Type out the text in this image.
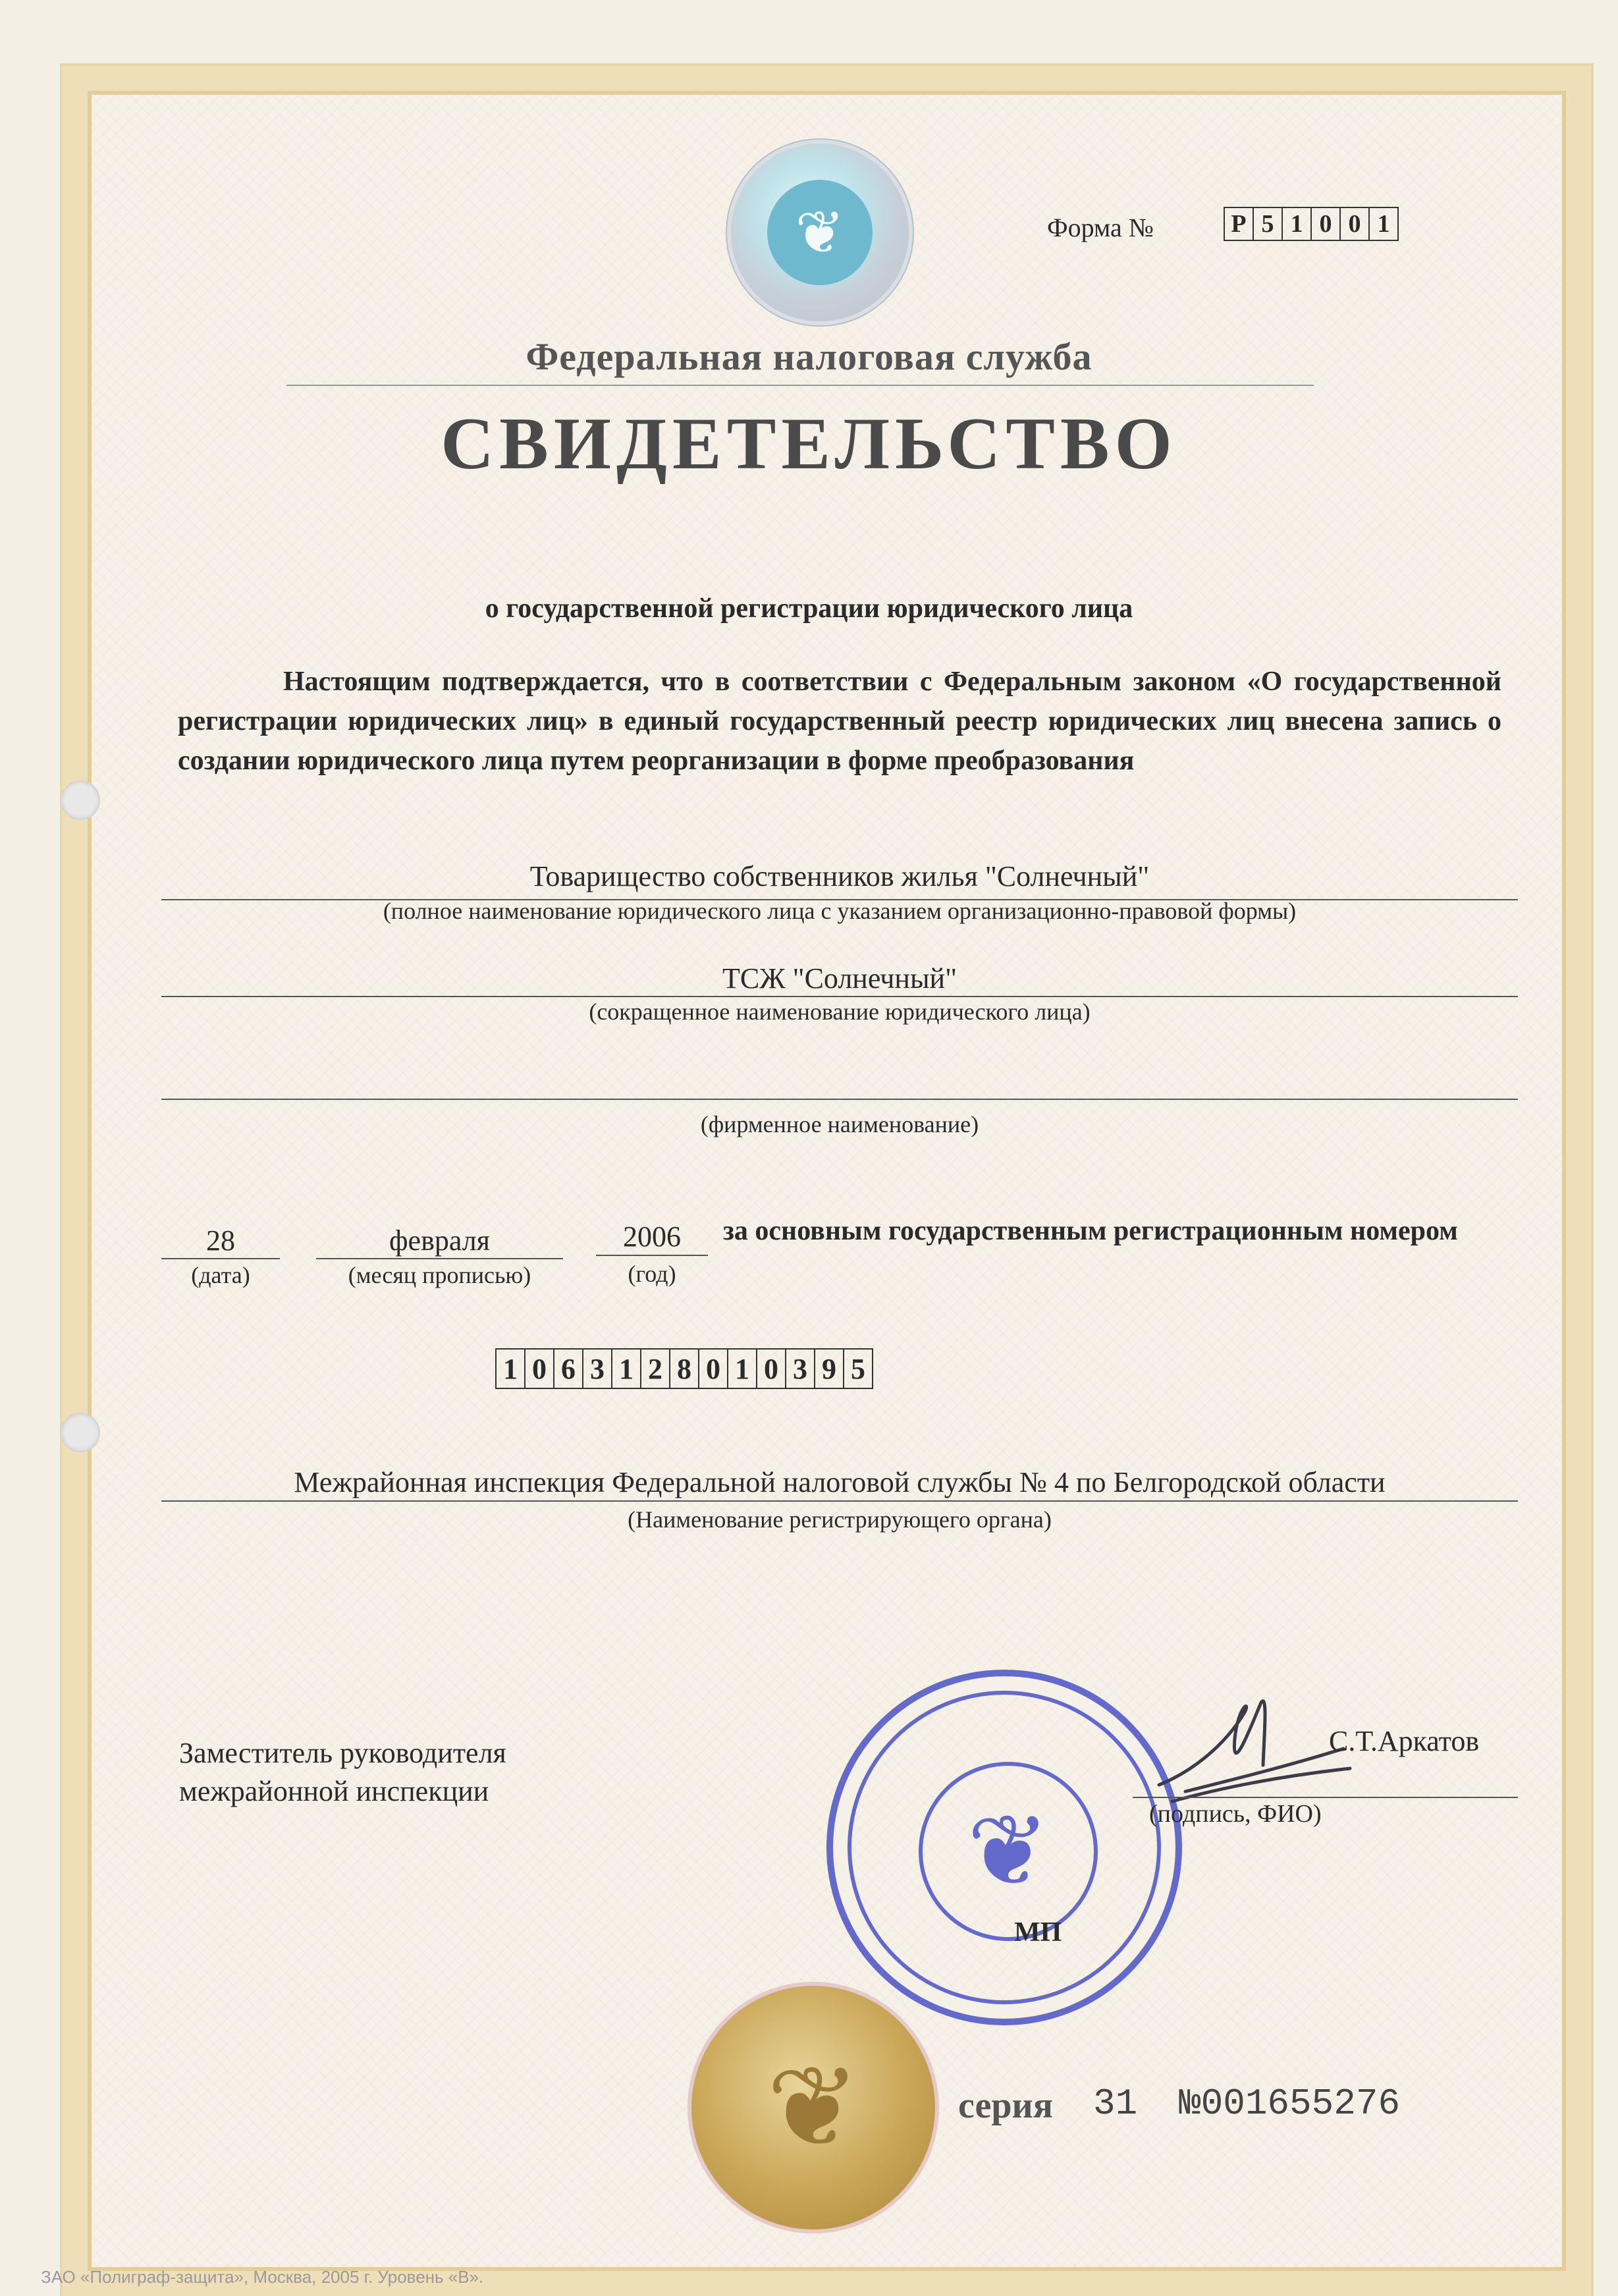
❦	Форма №	Р 5 1 0 0 1
Федеральная налоговая служба
СВИДЕТЕЛЬСТВО
о государственной регистрации юридического лица
Настоящим подтверждается, что в соответствии с Федеральным законом «О государственной регистрации юридических лиц» в единый государственный реестр юридических лиц внесена запись о создании юридического лица путем реорганизации в форме преобразования
Товарищество собственников жилья "Солнечный"
(полное наименование юридического лица с указанием организационно-правовой формы)
ТСЖ "Солнечный"
(сокращенное наименование юридического лица)
(фирменное наименование)
28
(дата)
февраля
(месяц прописью)
2006
(год)
за основным государственным регистрационным номером
1 0 6 3 1 2 8 0 1 0 3 9 5
Межрайонная инспекция Федеральной налоговой службы № 4 по Белгородской области
(Наименование регистрирующего органа)
Заместитель руководителя
межрайонной инспекции
❦
С.Т.Аркатов
(подпись, ФИО)
МП
❦	серия 31 №001655276
ЗАО «Полиграф-защита», Москва, 2005 г. Уровень «В».
